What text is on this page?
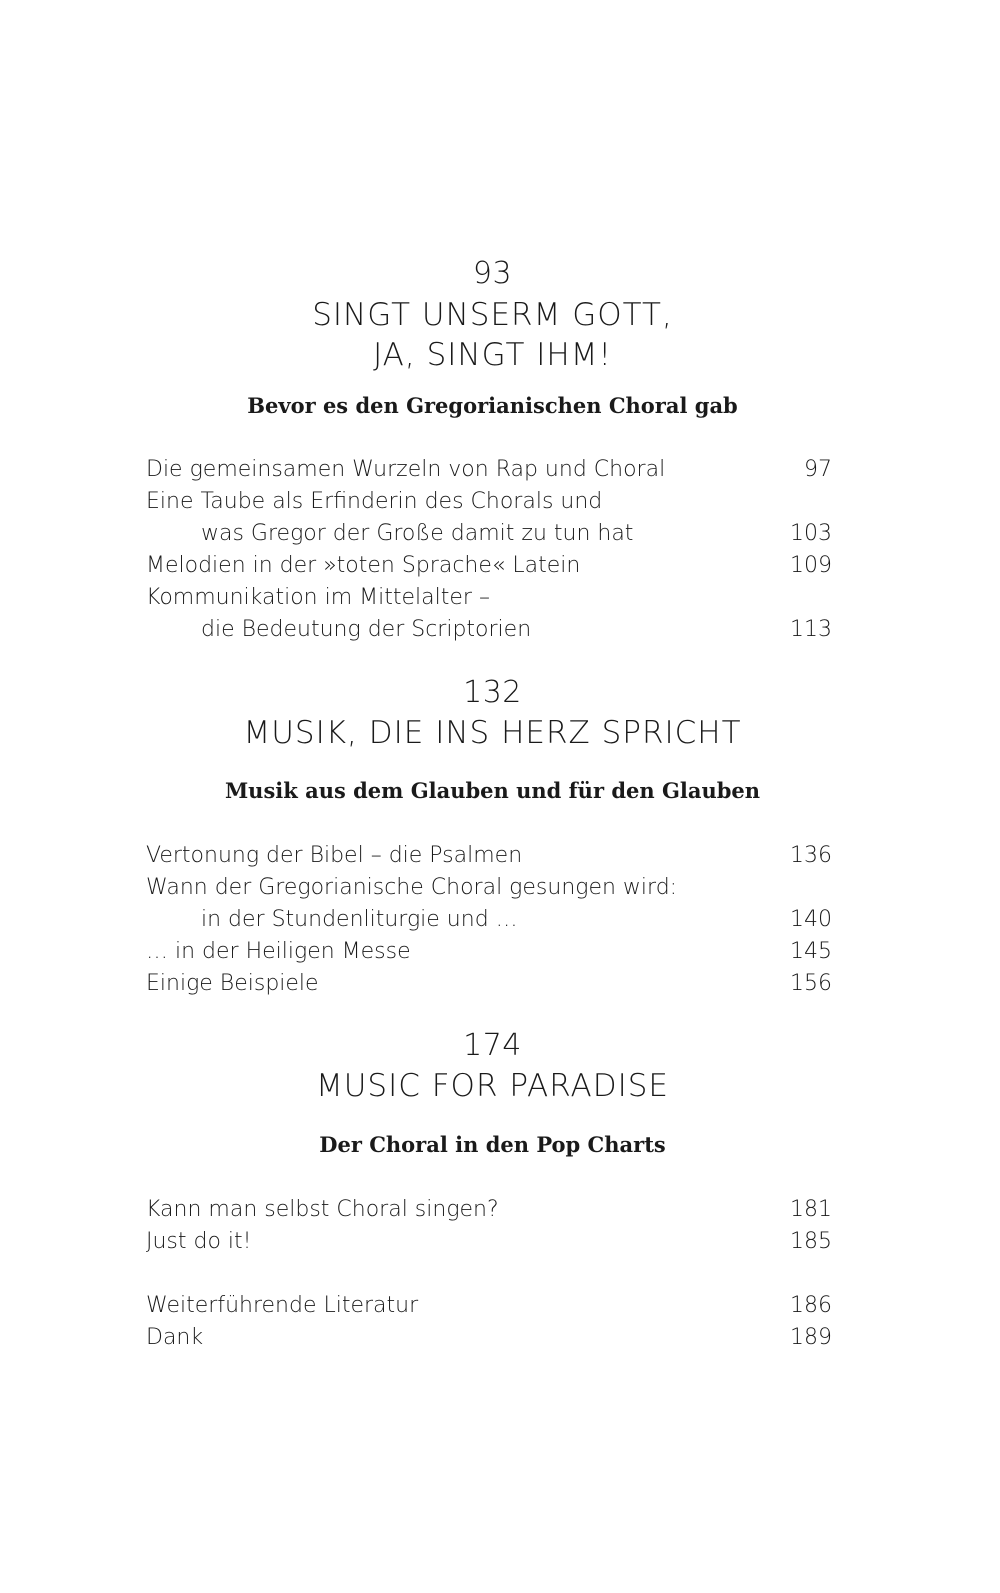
93
SINGT UNSERM GOTT,
JA, SINGT IHM!
Bevor es den Gregorianischen Choral gab
Die gemeinsamen Wurzeln von Rap und Choral	97
Eine Taube als Erfinderin des Chorals und
was Gregor der Große damit zu tun hat	103
Melodien in der »toten Sprache« Latein	109
Kommunikation im Mittelalter –
die Bedeutung der Scriptorien	113
132
MUSIK, DIE INS HERZ SPRICHT
Musik aus dem Glauben und für den Glauben
Vertonung der Bibel – die Psalmen	136
Wann der Gregorianische Choral gesungen wird:
in der Stundenliturgie und …	140
… in der Heiligen Messe	145
Einige Beispiele	156
174
MUSIC FOR PARADISE
Der Choral in den Pop Charts
Kann man selbst Choral singen?	181
Just do it!	185
Weiterführende Literatur	186
Dank	189
